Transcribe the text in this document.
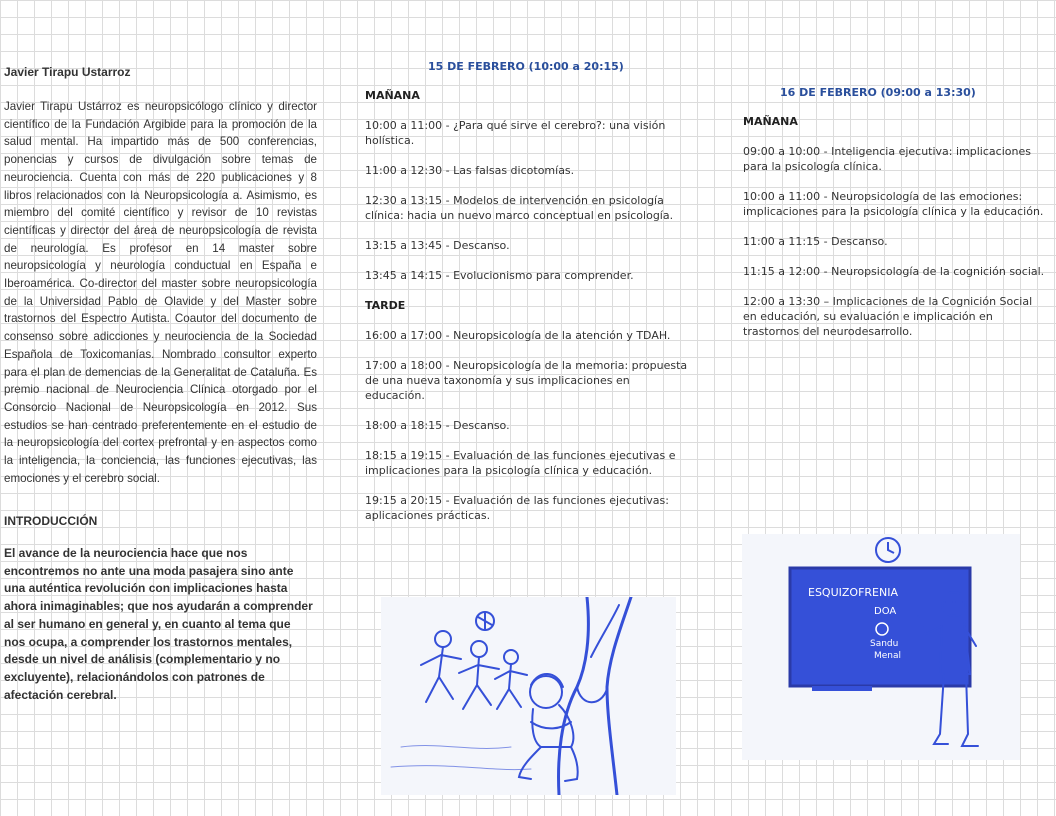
Javier Tirapu Ustarroz

Javier Tirapu Ustárroz es neuropsicólogo clínico y director científico de la Fundación Argibide para la promoción de la salud mental. Ha impartido más de 500 conferencias, ponencias y cursos de divulgación sobre temas de neurociencia. Cuenta con más de 220 publicaciones y 8 libros relacionados con la Neuropsicología a. Asimismo, es miembro del comité científico y revisor de 10 revistas científicas y director del área de neuropsicología de revista de neurología. Es profesor en 14 master sobre neuropsicología y neurología conductual en España e Iberoamérica. Co-director del master sobre neuropsicología de la Universidad Pablo de Olavide y del Master sobre trastornos del Espectro Autista. Coautor del documento de consenso sobre adicciones y neurociencia de la Sociedad Española de Toxicomanías. Nombrado consultor experto para el plan de demencias de la Generalitat de Cataluña. Es premio nacional de Neurociencia Clínica otorgado por el Consorcio Nacional de Neuropsicología en 2012. Sus estudios se han centrado preferentemente en el estudio de la neuropsicología del cortex prefrontal y en aspectos como la inteligencia, la conciencia, las funciones ejecutivas, las emociones y el cerebro social.

INTRODUCCIÓN

El avance de la neurociencia hace que nos encontremos no ante una moda pasajera sino ante una auténtica revolución con implicaciones hasta ahora inimaginables; que nos ayudarán a comprender al ser humano en general y, en cuanto al tema que nos ocupa, a comprender los trastornos mentales, desde un nivel de análisis (complementario y no excluyente), relacionándolos con patrones de afectación cerebral.

15 DE FEBRERO (10:00 a 20:15)

MAÑANA

10:00 a 11:00 - ¿Para qué sirve el cerebro?: una visión holística.

11:00 a 12:30 - Las falsas dicotomías.

12:30 a 13:15 - Modelos de intervención en psicología clínica: hacia un nuevo marco conceptual en psicología.

13:15 a 13:45 - Descanso.

13:45 a 14:15 - Evolucionismo para comprender.

TARDE

16:00 a 17:00 - Neuropsicología de la atención y TDAH.

17:00 a 18:00 - Neuropsicología de la memoria: propuesta de una nueva taxonomía y sus implicaciones en educación.

18:00 a 18:15 - Descanso.

18:15 a 19:15 - Evaluación de las funciones ejecutivas e implicaciones para la psicología clínica y educación.

19:15 a 20:15 - Evaluación de las funciones ejecutivas: aplicaciones prácticas.

16 DE FEBRERO (09:00 a 13:30)

MAÑANA

09:00 a 10:00 - Inteligencia ejecutiva: implicaciones para la psicología clínica.

10:00 a 11:00 - Neuropsicología de las emociones: implicaciones para la psicología clínica y la educación.

11:00 a 11:15 - Descanso.

11:15 a 12:00 - Neuropsicología de la cognición social.

12:00 a 13:30 – Implicaciones de la Cognición Social en educación, su evaluación e implicación en trastornos del neurodesarrollo.

ESQUIZOFRENIA
DOA
Sandu
Menal
